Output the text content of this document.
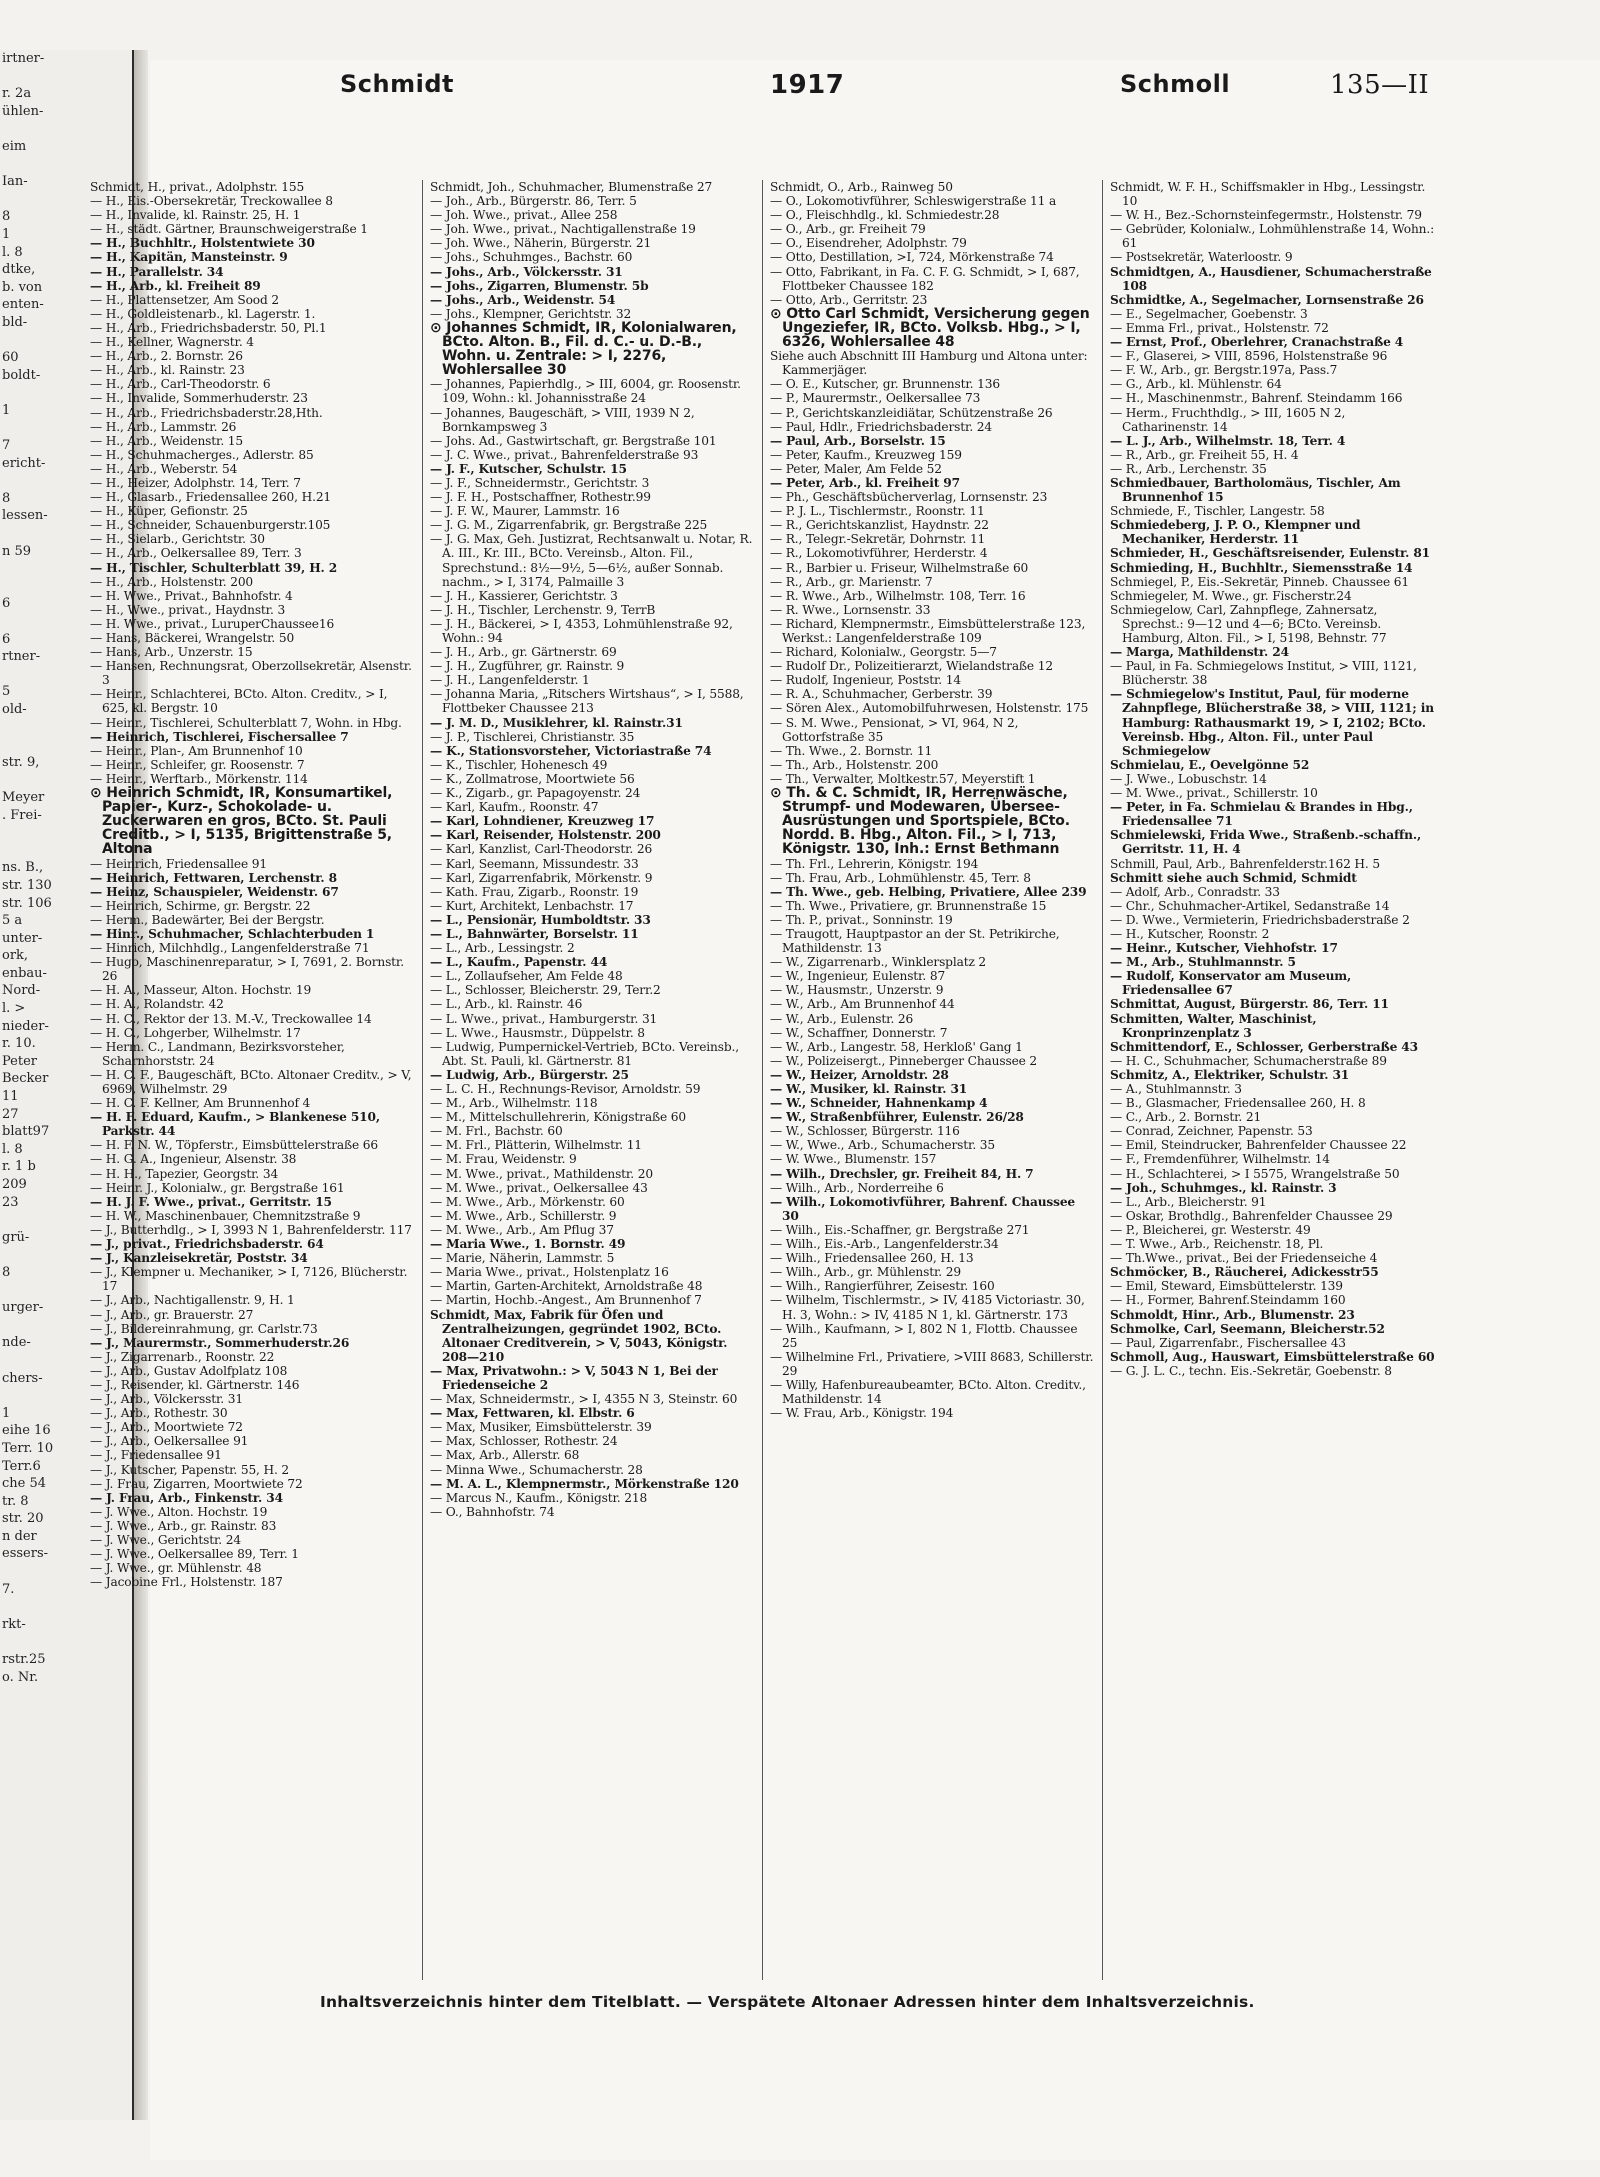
irtner-

r. 2a
ühlen-

eim

Ian-

8
1
l. 8
dtke,
b. von
enten-
bld-

60
boldt-

1

7
ericht-

8
lessen-

n 59

6

6
rtner-

5
old-

str. 9,

Meyer
. Frei-

ns. B.,
str. 130
str. 106
5 a
unter-
ork,
enbau-
Nord-
l. >
nieder-
r. 10.
Peter
Becker
11
27
blatt97
l. 8
r. 1 b
209
23

grü-

8

urger-

nde-

chers-

1
eihe 16
Terr. 10
Terr.6
che 54
tr. 8
str. 20
n der
essers-

7.

rkt-

rstr.25
o. Nr.
Schmidt	1917	Schmoll	135—II

Schmidt, H., privat., Adolphstr. 155

— H., Eis.-Obersekretär, Treckowallee 8

— H., Invalide, kl. Rainstr. 25, H. 1

— H., städt. Gärtner, Braunschweigerstraße 1

— H., Buchhltr., Holstentwiete 30

— H., Kapitän, Mansteinstr. 9

— H., Parallelstr. 34

— H., Arb., kl. Freiheit 89

— H., Plattensetzer, Am Sood 2

— H., Goldleistenarb., kl. Lagerstr. 1.

— H., Arb., Friedrichsbaderstr. 50, Pl.1

— H., Kellner, Wagnerstr. 4

— H., Arb., 2. Bornstr. 26

— H., Arb., kl. Rainstr. 23

— H., Arb., Carl-Theodorstr. 6

— H., Invalide, Sommerhuderstr. 23

— H., Arb., Friedrichsbaderstr.28,Hth.

— H., Arb., Lammstr. 26

— H., Arb., Weidenstr. 15

— H., Schuhmacherges., Adlerstr. 85

— H., Arb., Weberstr. 54

— H., Heizer, Adolphstr. 14, Terr. 7

— H., Glasarb., Friedensallee 260, H.21

— H., Küper, Gefionstr. 25

— H., Schneider, Schauenburgerstr.105

— H., Sielarb., Gerichtstr. 30

— H., Arb., Oelkersallee 89, Terr. 3

— H., Tischler, Schulterblatt 39, H. 2

— H., Arb., Holstenstr. 200

— H. Wwe., Privat., Bahnhofstr. 4

— H., Wwe., privat., Haydnstr. 3

— H. Wwe., privat., LuruperChaussee16

— Hans, Bäckerei, Wrangelstr. 50

— Hans, Arb., Unzerstr. 15

— Hansen, Rechnungsrat, Oberzollsekretär, Alsenstr. 3

— Heinr., Schlachterei, BCto. Alton. Creditv., > I, 625, kl. Bergstr. 10

— Heinr., Tischlerei, Schulterblatt 7, Wohn. in Hbg.

— Heinrich, Tischlerei, Fischersallee 7

— Heinr., Plan-, Am Brunnenhof 10

— Heinr., Schleifer, gr. Roosenstr. 7

— Heinr., Werftarb., Mörkenstr. 114

⊙ Heinrich Schmidt, IR, Konsumartikel, Papier-, Kurz-, Schokolade- u. Zuckerwaren en gros, BCto. St. Pauli Creditb., > I, 5135, Brigittenstraße 5, Altona

— Heinrich, Friedensallee 91

— Heinrich, Fettwaren, Lerchenstr. 8

— Heinz, Schauspieler, Weidenstr. 67

— Heinrich, Schirme, gr. Bergstr. 22

— Herm., Badewärter, Bei der Bergstr.

— Hinr., Schuhmacher, Schlachterbuden 1

— Hinrich, Milchhdlg., Langenfelderstraße 71

— Hugo, Maschinenreparatur, > I, 7691, 2. Bornstr. 26

— H. A., Masseur, Alton. Hochstr. 19

— H. A., Rolandstr. 42

— H. C., Rektor der 13. M.-V., Treckowallee 14

— H. C., Lohgerber, Wilhelmstr. 17

— Herm. C., Landmann, Bezirksvorsteher, Scharnhorststr. 24

— H. C. F., Baugeschäft, BCto. Altonaer Creditv., > V, 6969, Wilhelmstr. 29

— H. C. F. Kellner, Am Brunnenhof 4

— H. F. Eduard, Kaufm., > Blankenese 510, Parkstr. 44

— H. F. N. W., Töpferstr., Eimsbüttelerstraße 66

— H. G. A., Ingenieur, Alsenstr. 38

— H. H., Tapezier, Georgstr. 34

— Heinr. J., Kolonialw., gr. Bergstraße 161

— H. J. F. Wwe., privat., Gerritstr. 15

— H. W., Maschinenbauer, Chemnitzstraße 9

— J., Butterhdlg., > I, 3993 N 1, Bahrenfelderstr. 117

— J., privat., Friedrichsbaderstr. 64

— J., Kanzleisekretär, Poststr. 34

— J., Klempner u. Mechaniker, > I, 7126, Blücherstr. 17

— J., Arb., Nachtigallenstr. 9, H. 1

— J., Arb., gr. Brauerstr. 27

— J., Bildereinrahmung, gr. Carlstr.73

— J., Maurermstr., Sommerhuderstr.26

— J., Zigarrenarb., Roonstr. 22

— J., Arb., Gustav Adolfplatz 108

— J., Reisender, kl. Gärtnerstr. 146

— J., Arb., Völckersstr. 31

— J., Arb., Rothestr. 30

— J., Arb., Moortwiete 72

— J., Arb., Oelkersallee 91

— J., Friedensallee 91

— J., Kutscher, Papenstr. 55, H. 2

— J. Frau, Zigarren, Moortwiete 72

— J. Frau, Arb., Finkenstr. 34

— J. Wwe., Alton. Hochstr. 19

— J. Wwe., Arb., gr. Rainstr. 83

— J. Wwe., Gerichtstr. 24

— J. Wwe., Oelkersallee 89, Terr. 1

— J. Wwe., gr. Mühlenstr. 48

— Jacobine Frl., Holstenstr. 187

Schmidt, Joh., Schuhmacher, Blumenstraße 27

— Joh., Arb., Bürgerstr. 86, Terr. 5

— Joh. Wwe., privat., Allee 258

— Joh. Wwe., privat., Nachtigallenstraße 19

— Joh. Wwe., Näherin, Bürgerstr. 21

— Johs., Schuhmges., Bachstr. 60

— Johs., Arb., Völckersstr. 31

— Johs., Zigarren, Blumenstr. 5b

— Johs., Arb., Weidenstr. 54

— Johs., Klempner, Gerichtstr. 32

⊙ Johannes Schmidt, IR, Kolonialwaren, BCto. Alton. B., Fil. d. C.- u. D.-B., Wohn. u. Zentrale: > I, 2276, Wohlersallee 30

— Johannes, Papierhdlg., > III, 6004, gr. Roosenstr. 109, Wohn.: kl. Johannisstraße 24

— Johannes, Baugeschäft, > VIII, 1939 N 2, Bornkampsweg 3

— Johs. Ad., Gastwirtschaft, gr. Bergstraße 101

— J. C. Wwe., privat., Bahrenfelderstraße 93

— J. F., Kutscher, Schulstr. 15

— J. F., Schneidermstr., Gerichtstr. 3

— J. F. H., Postschaffner, Rothestr.99

— J. F. W., Maurer, Lammstr. 16

— J. G. M., Zigarrenfabrik, gr. Bergstraße 225

— J. G. Max, Geh. Justizrat, Rechtsanwalt u. Notar, R. A. III., Kr. III., BCto. Vereinsb., Alton. Fil., Sprechstund.: 8½—9½, 5—6½, außer Sonnab. nachm., > I, 3174, Palmaille 3

— J. H., Kassierer, Gerichtstr. 3

— J. H., Tischler, Lerchenstr. 9, TerrB

— J. H., Bäckerei, > I, 4353, Lohmühlenstraße 92, Wohn.: 94

— J. H., Arb., gr. Gärtnerstr. 69

— J. H., Zugführer, gr. Rainstr. 9

— J. H., Langenfelderstr. 1

— Johanna Maria, „Ritschers Wirtshaus“, > I, 5588, Flottbeker Chaussee 213

— J. M. D., Musiklehrer, kl. Rainstr.31

— J. P., Tischlerei, Christianstr. 35

— K., Stationsvorsteher, Victoriastraße 74

— K., Tischler, Hohenesch 49

— K., Zollmatrose, Moortwiete 56

— K., Zigarb., gr. Papagoyenstr. 24

— Karl, Kaufm., Roonstr. 47

— Karl, Lohndiener, Kreuzweg 17

— Karl, Reisender, Holstenstr. 200

— Karl, Kanzlist, Carl-Theodorstr. 26

— Karl, Seemann, Missundestr. 33

— Karl, Zigarrenfabrik, Mörkenstr. 9

— Kath. Frau, Zigarb., Roonstr. 19

— Kurt, Architekt, Lenbachstr. 17

— L., Pensionär, Humboldtstr. 33

— L., Bahnwärter, Borselstr. 11

— L., Arb., Lessingstr. 2

— L., Kaufm., Papenstr. 44

— L., Zollaufseher, Am Felde 48

— L., Schlosser, Bleicherstr. 29, Terr.2

— L., Arb., kl. Rainstr. 46

— L. Wwe., privat., Hamburgerstr. 31

— L. Wwe., Hausmstr., Düppelstr. 8

— Ludwig, Pumpernickel-Vertrieb, BCto. Vereinsb., Abt. St. Pauli, kl. Gärtnerstr. 81

— Ludwig, Arb., Bürgerstr. 25

— L. C. H., Rechnungs-Revisor, Arnoldstr. 59

— M., Arb., Wilhelmstr. 118

— M., Mittelschullehrerin, Königstraße 60

— M. Frl., Bachstr. 60

— M. Frl., Plätterin, Wilhelmstr. 11

— M. Frau, Weidenstr. 9

— M. Wwe., privat., Mathildenstr. 20

— M. Wwe., privat., Oelkersallee 43

— M. Wwe., Arb., Mörkenstr. 60

— M. Wwe., Arb., Schillerstr. 9

— M. Wwe., Arb., Am Pflug 37

— Maria Wwe., 1. Bornstr. 49

— Marie, Näherin, Lammstr. 5

— Maria Wwe., privat., Holstenplatz 16

— Martin, Garten-Architekt, Arnoldstraße 48

— Martin, Hochb.-Angest., Am Brunnenhof 7

Schmidt, Max, Fabrik für Öfen und Zentralheizungen, gegründet 1902, BCto. Altonaer Creditverein, > V, 5043, Königstr. 208—210

— Max, Privatwohn.: > V, 5043 N 1, Bei der Friedenseiche 2

— Max, Schneidermstr., > I, 4355 N 3, Steinstr. 60

— Max, Fettwaren, kl. Elbstr. 6

— Max, Musiker, Eimsbüttelerstr. 39

— Max, Schlosser, Rothestr. 24

— Max, Arb., Allerstr. 68

— Minna Wwe., Schumacherstr. 28

— M. A. L., Klempnermstr., Mörkenstraße 120

— Marcus N., Kaufm., Königstr. 218

— O., Bahnhofstr. 74

Schmidt, O., Arb., Rainweg 50

— O., Lokomotivführer, Schleswigerstraße 11 a

— O., Fleischhdlg., kl. Schmiedestr.28

— O., Arb., gr. Freiheit 79

— O., Eisendreher, Adolphstr. 79

— Otto, Destillation, >I, 724, Mörkenstraße 74

— Otto, Fabrikant, in Fa. C. F. G. Schmidt, > I, 687, Flottbeker Chaussee 182

— Otto, Arb., Gerritstr. 23

⊙ Otto Carl Schmidt, Versicherung gegen Ungeziefer, IR, BCto. Volksb. Hbg., > I, 6326, Wohlersallee 48

Siehe auch Abschnitt III Hamburg und Altona unter: Kammerjäger.

— O. E., Kutscher, gr. Brunnenstr. 136

— P., Maurermstr., Oelkersallee 73

— P., Gerichtskanzleidiätar, Schützenstraße 26

— Paul, Hdlr., Friedrichsbaderstr. 24

— Paul, Arb., Borselstr. 15

— Peter, Kaufm., Kreuzweg 159

— Peter, Maler, Am Felde 52

— Peter, Arb., kl. Freiheit 97

— Ph., Geschäftsbücherverlag, Lornsenstr. 23

— P. J. L., Tischlermstr., Roonstr. 11

— R., Gerichtskanzlist, Haydnstr. 22

— R., Telegr.-Sekretär, Dohrnstr. 11

— R., Lokomotivführer, Herderstr. 4

— R., Barbier u. Friseur, Wilhelmstraße 60

— R., Arb., gr. Marienstr. 7

— R. Wwe., Arb., Wilhelmstr. 108, Terr. 16

— R. Wwe., Lornsenstr. 33

— Richard, Klempnermstr., Eimsbüttelerstraße 123, Werkst.: Langenfelderstraße 109

— Richard, Kolonialw., Georgstr. 5—7

— Rudolf Dr., Polizeitierarzt, Wielandstraße 12

— Rudolf, Ingenieur, Poststr. 14

— R. A., Schuhmacher, Gerberstr. 39

— Sören Alex., Automobilfuhrwesen, Holstenstr. 175

— S. M. Wwe., Pensionat, > VI, 964, N 2, Gottorfstraße 35

— Th. Wwe., 2. Bornstr. 11

— Th., Arb., Holstenstr. 200

— Th., Verwalter, Moltkestr.57, Meyerstift 1

⊙ Th. & C. Schmidt, IR, Herrenwäsche, Strumpf- und Modewaren, Übersee-Ausrüstungen und Sportspiele, BCto. Nordd. B. Hbg., Alton. Fil., > I, 713, Königstr. 130, Inh.: Ernst Bethmann

— Th. Frl., Lehrerin, Königstr. 194

— Th. Frau, Arb., Lohmühlenstr. 45, Terr. 8

— Th. Wwe., geb. Helbing, Privatiere, Allee 239

— Th. Wwe., Privatiere, gr. Brunnenstraße 15

— Th. P., privat., Sonninstr. 19

— Traugott, Hauptpastor an der St. Petrikirche, Mathildenstr. 13

— W., Zigarrenarb., Winklersplatz 2

— W., Ingenieur, Eulenstr. 87

— W., Hausmstr., Unzerstr. 9

— W., Arb., Am Brunnenhof 44

— W., Arb., Eulenstr. 26

— W., Schaffner, Donnerstr. 7

— W., Arb., Langestr. 58, Herkloß' Gang 1

— W., Polizeisergt., Pinneberger Chaussee 2

— W., Heizer, Arnoldstr. 28

— W., Musiker, kl. Rainstr. 31

— W., Schneider, Hahnenkamp 4

— W., Straßenbführer, Eulenstr. 26/28

— W., Schlosser, Bürgerstr. 116

— W., Wwe., Arb., Schumacherstr. 35

— W. Wwe., Blumenstr. 157

— Wilh., Drechsler, gr. Freiheit 84, H. 7

— Wilh., Arb., Norderreihe 6

— Wilh., Lokomotivführer, Bahrenf. Chaussee 30

— Wilh., Eis.-Schaffner, gr. Bergstraße 271

— Wilh., Eis.-Arb., Langenfelderstr.34

— Wilh., Friedensallee 260, H. 13

— Wilh., Arb., gr. Mühlenstr. 29

— Wilh., Rangierführer, Zeisestr. 160

— Wilhelm, Tischlermstr., > IV, 4185 Victoriastr. 30, H. 3, Wohn.: > IV, 4185 N 1, kl. Gärtnerstr. 173

— Wilh., Kaufmann, > I, 802 N 1, Flottb. Chaussee 25

— Wilhelmine Frl., Privatiere, >VIII 8683, Schillerstr. 29

— Willy, Hafenbureaubeamter, BCto. Alton. Creditv., Mathildenstr. 14

— W. Frau, Arb., Königstr. 194

Schmidt, W. F. H., Schiffsmakler in Hbg., Lessingstr. 10

— W. H., Bez.-Schornsteinfegermstr., Holstenstr. 79

— Gebrüder, Kolonialw., Lohmühlenstraße 14, Wohn.: 61

— Postsekretär, Waterloostr. 9

Schmidtgen, A., Hausdiener, Schumacherstraße 108

Schmidtke, A., Segelmacher, Lornsenstraße 26

— E., Segelmacher, Goebenstr. 3

— Emma Frl., privat., Holstenstr. 72

— Ernst, Prof., Oberlehrer, Cranachstraße 4

— F., Glaserei, > VIII, 8596, Holstenstraße 96

— F. W., Arb., gr. Bergstr.197a, Pass.7

— G., Arb., kl. Mühlenstr. 64

— H., Maschinenmstr., Bahrenf. Steindamm 166

— Herm., Fruchthdlg., > III, 1605 N 2, Catharinenstr. 14

— L. J., Arb., Wilhelmstr. 18, Terr. 4

— R., Arb., gr. Freiheit 55, H. 4

— R., Arb., Lerchenstr. 35

Schmiedbauer, Bartholomäus, Tischler, Am Brunnenhof 15

Schmiede, F., Tischler, Langestr. 58

Schmiedeberg, J. P. O., Klempner und Mechaniker, Herderstr. 11

Schmieder, H., Geschäftsreisender, Eulenstr. 81

Schmieding, H., Buchhltr., Siemensstraße 14

Schmiegel, P., Eis.-Sekretär, Pinneb. Chaussee 61

Schmiegeler, M. Wwe., gr. Fischerstr.24

Schmiegelow, Carl, Zahnpflege, Zahnersatz, Sprechst.: 9—12 und 4—6; BCto. Vereinsb. Hamburg, Alton. Fil., > I, 5198, Behnstr. 77

— Marga, Mathildenstr. 24

— Paul, in Fa. Schmiegelows Institut, > VIII, 1121, Blücherstr. 38

— Schmiegelow's Institut, Paul, für moderne Zahnpflege, Blücherstraße 38, > VIII, 1121; in Hamburg: Rathausmarkt 19, > I, 2102; BCto. Vereinsb. Hbg., Alton. Fil., unter Paul Schmiegelow

Schmielau, E., Oevelgönne 52

— J. Wwe., Lobuschstr. 14

— M. Wwe., privat., Schillerstr. 10

— Peter, in Fa. Schmielau & Brandes in Hbg., Friedensallee 71

Schmielewski, Frida Wwe., Straßenb.-schaffn., Gerritstr. 11, H. 4

Schmill, Paul, Arb., Bahrenfelderstr.162 H. 5

Schmitt siehe auch Schmid, Schmidt

— Adolf, Arb., Conradstr. 33

— Chr., Schuhmacher-Artikel, Sedanstraße 14

— D. Wwe., Vermieterin, Friedrichsbaderstraße 2

— H., Kutscher, Roonstr. 2

— Heinr., Kutscher, Viehhofstr. 17

— M., Arb., Stuhlmannstr. 5

— Rudolf, Konservator am Museum, Friedensallee 67

Schmittat, August, Bürgerstr. 86, Terr. 11

Schmitten, Walter, Maschinist, Kronprinzenplatz 3

Schmittendorf, E., Schlosser, Gerberstraße 43

— H. C., Schuhmacher, Schumacherstraße 89

Schmitz, A., Elektriker, Schulstr. 31

— A., Stuhlmannstr. 3

— B., Glasmacher, Friedensallee 260, H. 8

— C., Arb., 2. Bornstr. 21

— Conrad, Zeichner, Papenstr. 53

— Emil, Steindrucker, Bahrenfelder Chaussee 22

— F., Fremdenführer, Wilhelmstr. 14

— H., Schlachterei, > I 5575, Wrangelstraße 50

— Joh., Schuhmges., kl. Rainstr. 3

— L., Arb., Bleicherstr. 91

— Oskar, Brothdlg., Bahrenfelder Chaussee 29

— P., Bleicherei, gr. Westerstr. 49

— T. Wwe., Arb., Reichenstr. 18, Pl.

— Th.Wwe., privat., Bei der Friedenseiche 4

Schmöcker, B., Räucherei, Adickesstr55

— Emil, Steward, Eimsbüttelerstr. 139

— H., Former, Bahrenf.Steindamm 160

Schmoldt, Hinr., Arb., Blumenstr. 23

Schmolke, Carl, Seemann, Bleicherstr.52

— Paul, Zigarrenfabr., Fischersallee 43

Schmoll, Aug., Hauswart, Eimsbüttelerstraße 60

— G. J. L. C., techn. Eis.-Sekretär, Goebenstr. 8

Inhaltsverzeichnis hinter dem Titelblatt. — Verspätete Altonaer Adressen hinter dem Inhaltsverzeichnis.
